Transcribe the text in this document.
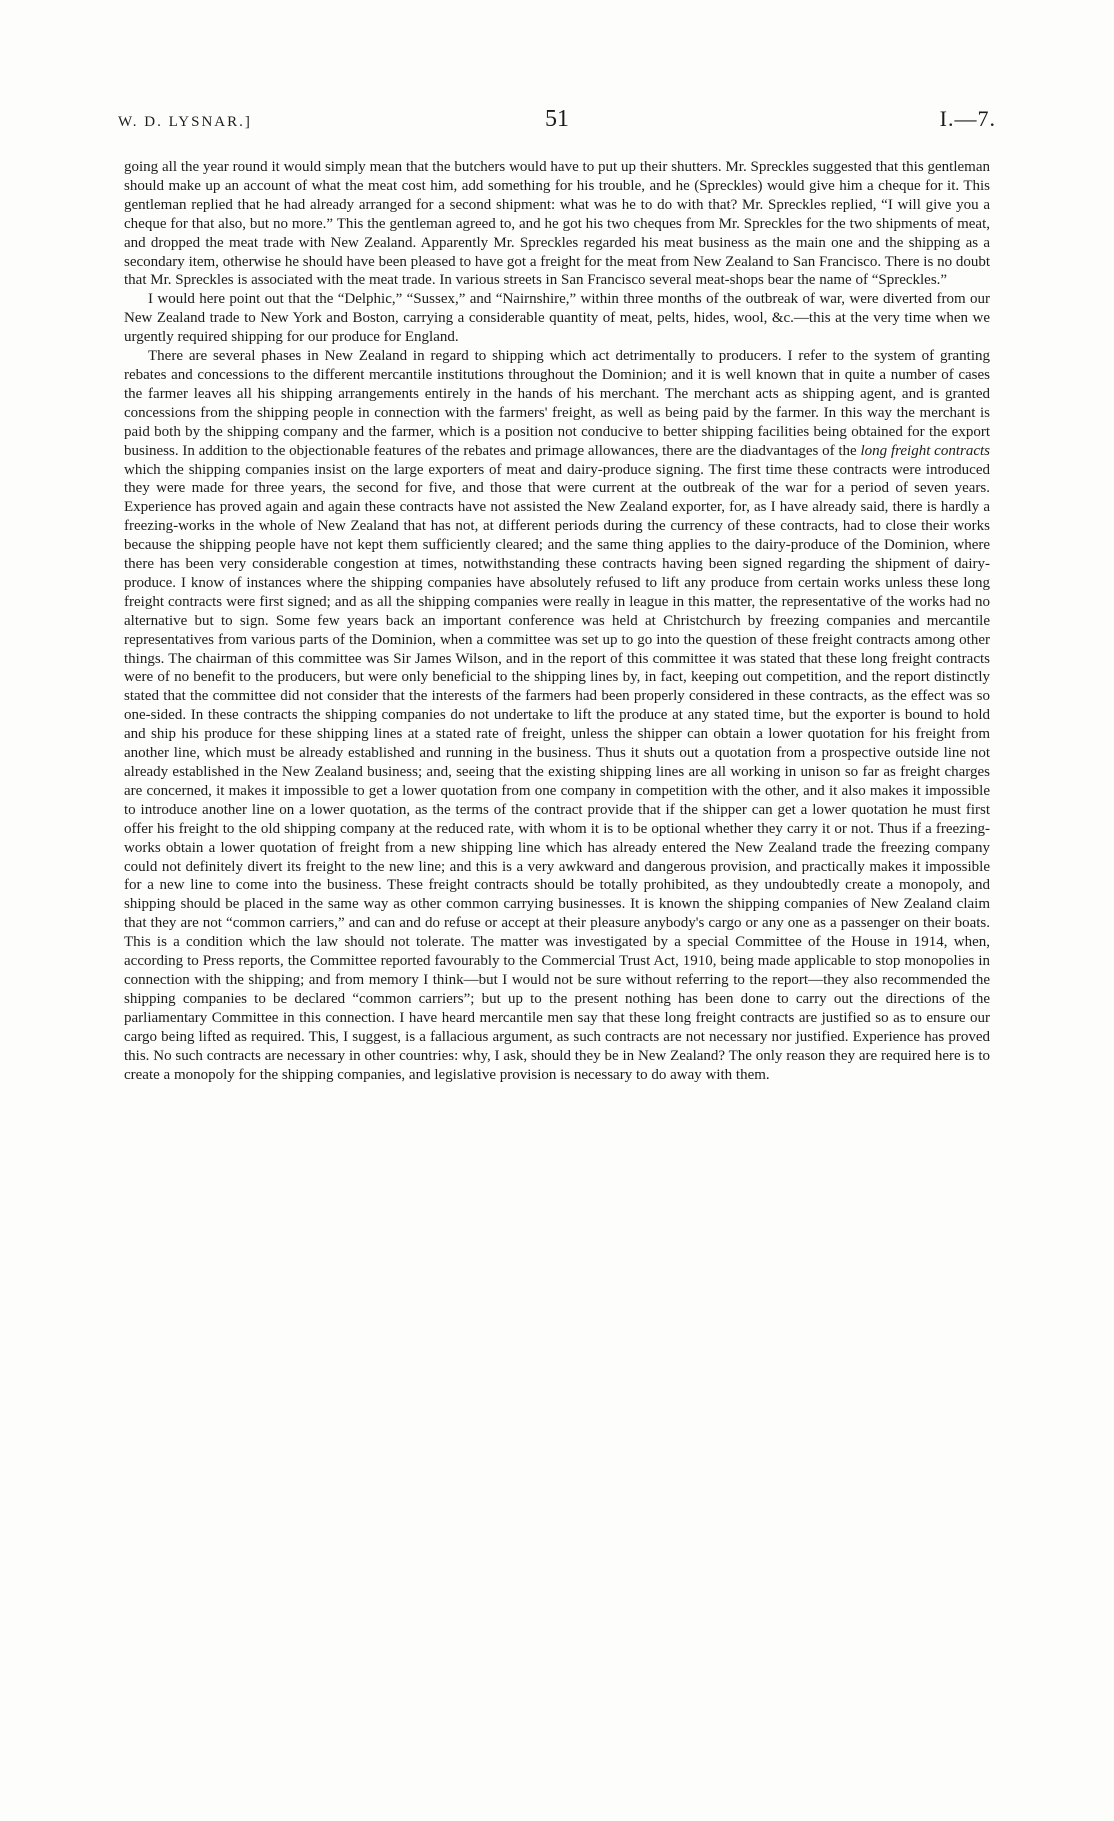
W. D. LYSNAR.]	51	I.—7.

going all the year round it would simply mean that the butchers would have to put up their shutters. Mr. Spreckles suggested that this gentleman should make up an account of what the meat cost him, add something for his trouble, and he (Spreckles) would give him a cheque for it. This gentleman replied that he had already arranged for a second shipment: what was he to do with that? Mr. Spreckles replied, “I will give you a cheque for that also, but no more.” This the gentleman agreed to, and he got his two cheques from Mr. Spreckles for the two shipments of meat, and dropped the meat trade with New Zealand. Apparently Mr. Spreckles regarded his meat business as the main one and the shipping as a secondary item, otherwise he should have been pleased to have got a freight for the meat from New Zealand to San Francisco. There is no doubt that Mr. Spreckles is associated with the meat trade. In various streets in San Francisco several meat-shops bear the name of “Spreckles.”

I would here point out that the “Delphic,” “Sussex,” and “Nairnshire,” within three months of the outbreak of war, were diverted from our New Zealand trade to New York and Boston, carrying a considerable quantity of meat, pelts, hides, wool, &c.—this at the very time when we urgently required shipping for our produce for England.

There are several phases in New Zealand in regard to shipping which act detrimentally to producers. I refer to the system of granting rebates and concessions to the different mercantile institutions throughout the Dominion; and it is well known that in quite a number of cases the farmer leaves all his shipping arrangements entirely in the hands of his merchant. The merchant acts as shipping agent, and is granted concessions from the shipping people in connection with the farmers' freight, as well as being paid by the farmer. In this way the merchant is paid both by the shipping company and the farmer, which is a position not conducive to better shipping facilities being obtained for the export business. In addition to the objectionable features of the rebates and primage allowances, there are the diadvantages of the long freight contracts which the shipping companies insist on the large exporters of meat and dairy-produce signing. The first time these contracts were introduced they were made for three years, the second for five, and those that were current at the outbreak of the war for a period of seven years. Experience has proved again and again these contracts have not assisted the New Zealand exporter, for, as I have already said, there is hardly a freezing-works in the whole of New Zealand that has not, at different periods during the currency of these contracts, had to close their works because the shipping people have not kept them sufficiently cleared; and the same thing applies to the dairy-produce of the Dominion, where there has been very considerable congestion at times, notwithstanding these contracts having been signed regarding the shipment of dairy-produce. I know of instances where the shipping companies have absolutely refused to lift any produce from certain works unless these long freight contracts were first signed; and as all the shipping companies were really in league in this matter, the representative of the works had no alternative but to sign. Some few years back an important conference was held at Christchurch by freezing companies and mercantile representatives from various parts of the Dominion, when a committee was set up to go into the question of these freight contracts among other things. The chairman of this committee was Sir James Wilson, and in the report of this committee it was stated that these long freight contracts were of no benefit to the producers, but were only beneficial to the shipping lines by, in fact, keeping out competition, and the report distinctly stated that the committee did not consider that the interests of the farmers had been properly considered in these contracts, as the effect was so one-sided. In these contracts the shipping companies do not undertake to lift the produce at any stated time, but the exporter is bound to hold and ship his produce for these shipping lines at a stated rate of freight, unless the shipper can obtain a lower quotation for his freight from another line, which must be already established and running in the business. Thus it shuts out a quotation from a prospective outside line not already established in the New Zealand business; and, seeing that the existing shipping lines are all working in unison so far as freight charges are concerned, it makes it impossible to get a lower quotation from one company in competition with the other, and it also makes it impossible to introduce another line on a lower quotation, as the terms of the contract provide that if the shipper can get a lower quotation he must first offer his freight to the old shipping company at the reduced rate, with whom it is to be optional whether they carry it or not. Thus if a freezing-works obtain a lower quotation of freight from a new shipping line which has already entered the New Zealand trade the freezing company could not definitely divert its freight to the new line; and this is a very awkward and dangerous provision, and practically makes it impossible for a new line to come into the business. These freight contracts should be totally prohibited, as they undoubtedly create a monopoly, and shipping should be placed in the same way as other common carrying businesses. It is known the shipping companies of New Zealand claim that they are not “common carriers,” and can and do refuse or accept at their pleasure anybody's cargo or any one as a passenger on their boats. This is a condition which the law should not tolerate. The matter was investigated by a special Committee of the House in 1914, when, according to Press reports, the Committee reported favourably to the Commercial Trust Act, 1910, being made applicable to stop monopolies in connection with the shipping; and from memory I think—but I would not be sure without referring to the report—they also recommended the shipping companies to be declared “common carriers”; but up to the present nothing has been done to carry out the directions of the parliamentary Committee in this connection. I have heard mercantile men say that these long freight contracts are justified so as to ensure our cargo being lifted as required. This, I suggest, is a fallacious argument, as such contracts are not necessary nor justified. Experience has proved this. No such contracts are necessary in other countries: why, I ask, should they be in New Zealand? The only reason they are required here is to create a monopoly for the shipping companies, and legislative provision is necessary to do away with them.
